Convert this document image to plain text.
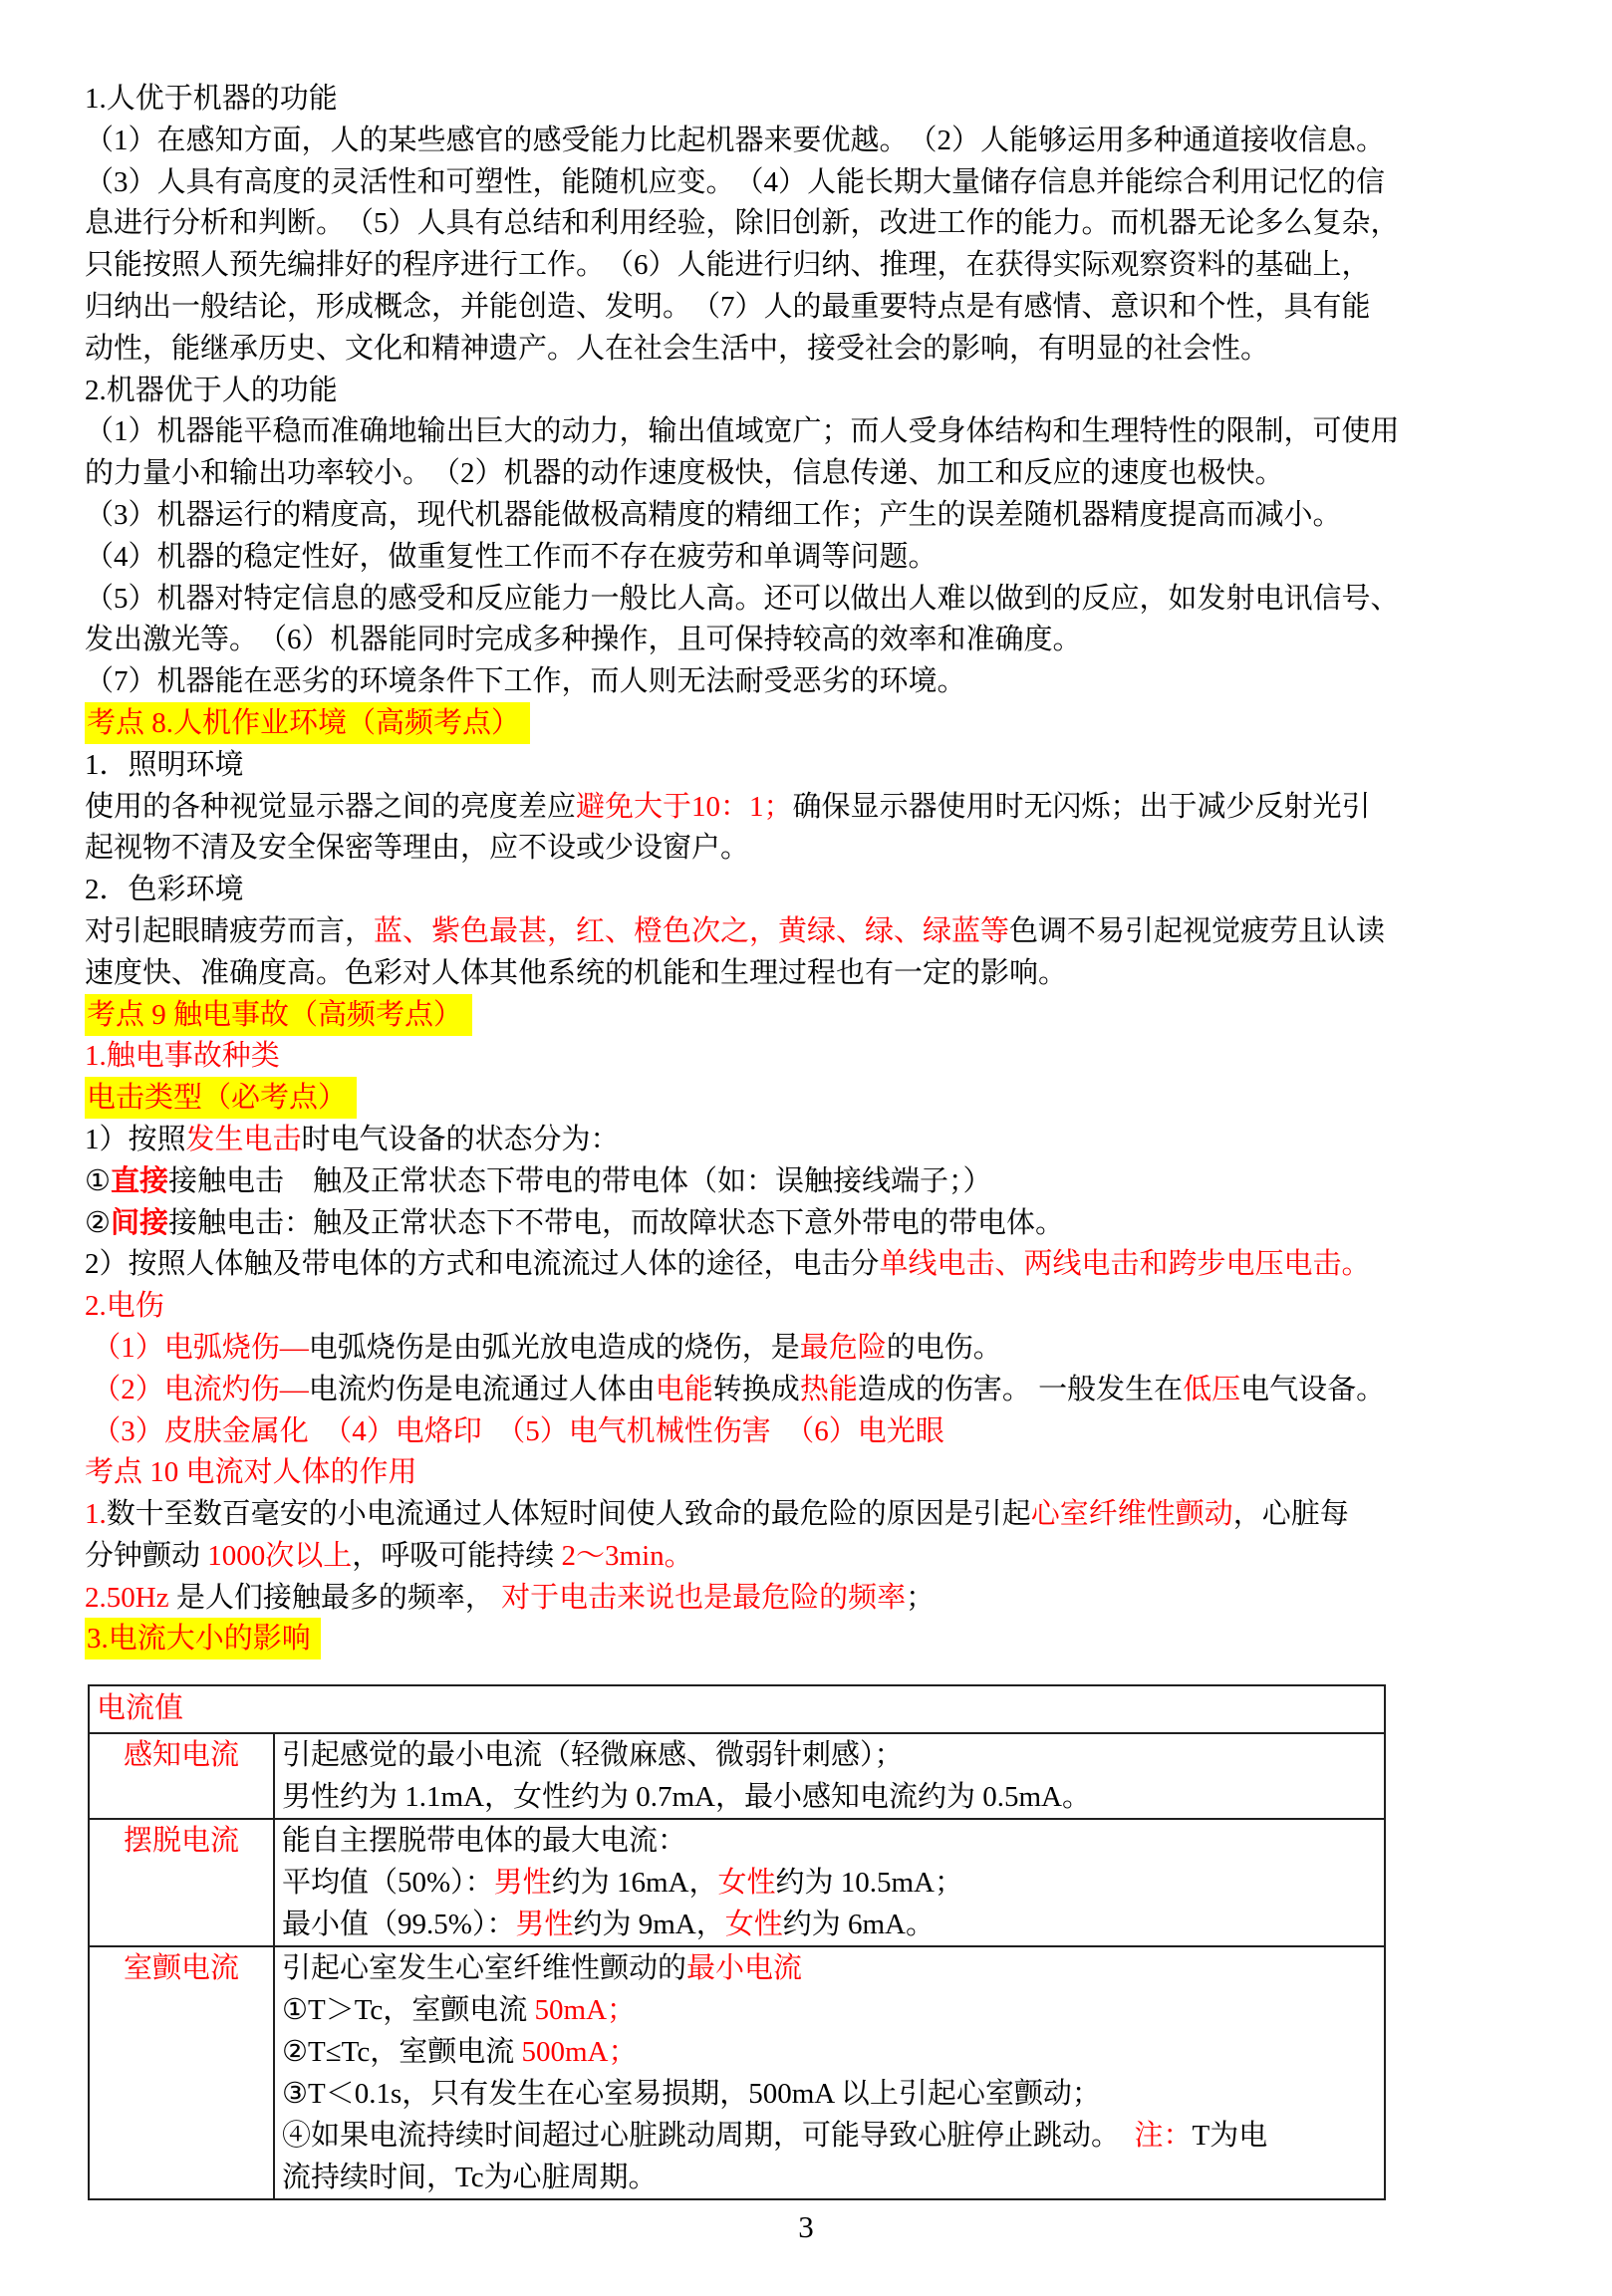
1.人优于机器的功能
（1）在感知方面，人的某些感官的感受能力比起机器来要优越。　（2）人能够运用多种通道接收信息。
（3）人具有高度的灵活性和可塑性，能随机应变。　（4）人能长期大量储存信息并能综合利用记忆的信
息进行分析和判断。　（5）人具有总结和利用经验，除旧创新，改进工作的能力。而机器无论多么复杂，
只能按照人预先编排好的程序进行工作。　（6）人能进行归纳、推理，在获得实际观察资料的基础上，
归纳出一般结论，形成概念，并能创造、发明。　（7）人的最重要特点是有感情、意识和个性，具有能
动性，能继承历史、文化和精神遗产。人在社会生活中，接受社会的影响，有明显的社会性。
2.机器优于人的功能
（1）机器能平稳而准确地输出巨大的动力，输出值域宽广；而人受身体结构和生理特性的限制，可使用
的力量小和输出功率较小。　（2）机器的动作速度极快，信息传递、加工和反应的速度也极快。
（3）机器运行的精度高，现代机器能做极高精度的精细工作；产生的误差随机器精度提高而减小。
（4）机器的稳定性好，做重复性工作而不存在疲劳和单调等问题。
（5）机器对特定信息的感受和反应能力一般比人高。还可以做出人难以做到的反应，如发射电讯信号、
发出激光等。　（6）机器能同时完成多种操作，且可保持较高的效率和准确度。
（7）机器能在恶劣的环境条件下工作，而人则无法耐受恶劣的环境。
考点 8.人机作业环境（高频考点）
1．照明环境
使用的各种视觉显示器之间的亮度差应避免大于10：1；确保显示器使用时无闪烁；出于减少反射光引
起视物不清及安全保密等理由，应不设或少设窗户。
2．色彩环境
对引起眼睛疲劳而言，蓝、紫色最甚，红、橙色次之，黄绿、绿、绿蓝等色调不易引起视觉疲劳且认读
速度快、准确度高。色彩对人体其他系统的机能和生理过程也有一定的影响。
考点 9 触电事故（高频考点）
1.触电事故种类
电击类型（必考点）
1）按照发生电击时电气设备的状态分为：
①直接接触电击　触及正常状态下带电的带电体（如：误触接线端子；）
②间接接触电击：触及正常状态下不带电，而故障状态下意外带电的带电体。
2）按照人体触及带电体的方式和电流流过人体的途径，电击分单线电击、两线电击和跨步电压电击。
2.电伤
（1）电弧烧伤—电弧烧伤是由弧光放电造成的烧伤，是最危险的电伤。
（2）电流灼伤—电流灼伤是电流通过人体由电能转换成热能造成的伤害。 一般发生在低压电气设备。
（3）皮肤金属化  （4）电烙印  （5）电气机械性伤害  （6）电光眼
考点 10 电流对人体的作用
1.数十至数百毫安的小电流通过人体短时间使人致命的最危险的原因是引起心室纤维性颤动，心脏每
分钟颤动 1000次以上，呼吸可能持续 2～3min。
2.50Hz 是人们接触最多的频率， 对于电击来说也是最危险的频率；
3.电流大小的影响
电流值
感知电流	引起感觉的最小电流（轻微麻感、微弱针刺感）；
男性约为 1.1mA，女性约为 0.7mA，最小感知电流约为 0.5mA。
摆脱电流	能自主摆脱带电体的最大电流：
平均值（50%）：男性约为 16mA，女性约为 10.5mA；
最小值（99.5%）：男性约为 9mA，女性约为 6mA。
室颤电流	引起心室发生心室纤维性颤动的最小电流
①T＞Tc，室颤电流 50mA；
②T≤Tc，室颤电流 500mA；
③T＜0.1s，只有发生在心室易损期，500mA 以上引起心室颤动；
④如果电流持续时间超过心脏跳动周期，可能导致心脏停止跳动。　注：T为电
流持续时间，Tc为心脏周期。
3
